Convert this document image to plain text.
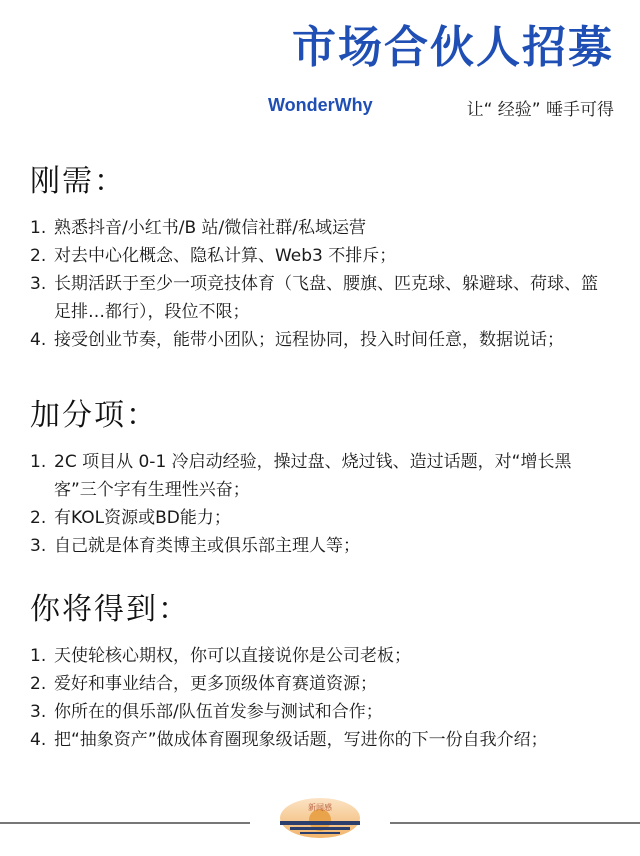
市场合伙人招募
WonderWhy	让“ 经验” 唾手可得
刚需：
1. 熟悉抖音/小红书/B 站/微信社群/私域运营
2. 对去中心化概念、隐私计算、Web3 不排斥；
3. 长期活跃于至少一项竞技体育（飞盘、腰旗、匹克球、躲避球、荷球、篮足排…都行），段位不限；
4. 接受创业节奏，能带小团队；远程协同，投入时间任意，数据说话；
加分项：
1. 2C 项目从 0-1 冷启动经验，操过盘、烧过钱、造过话题，对“增长黑客”三个字有生理性兴奋；
2. 有KOL资源或BD能力；
3. 自己就是体育类博主或俱乐部主理人等；
你将得到：
1. 天使轮核心期权，你可以直接说你是公司老板；
2. 爱好和事业结合，更多顶级体育赛道资源；
3. 你所在的俱乐部/队伍首发参与测试和合作；
4. 把“抽象资产”做成体育圈现象级话题，写进你的下一份自我介绍；
新闻感
